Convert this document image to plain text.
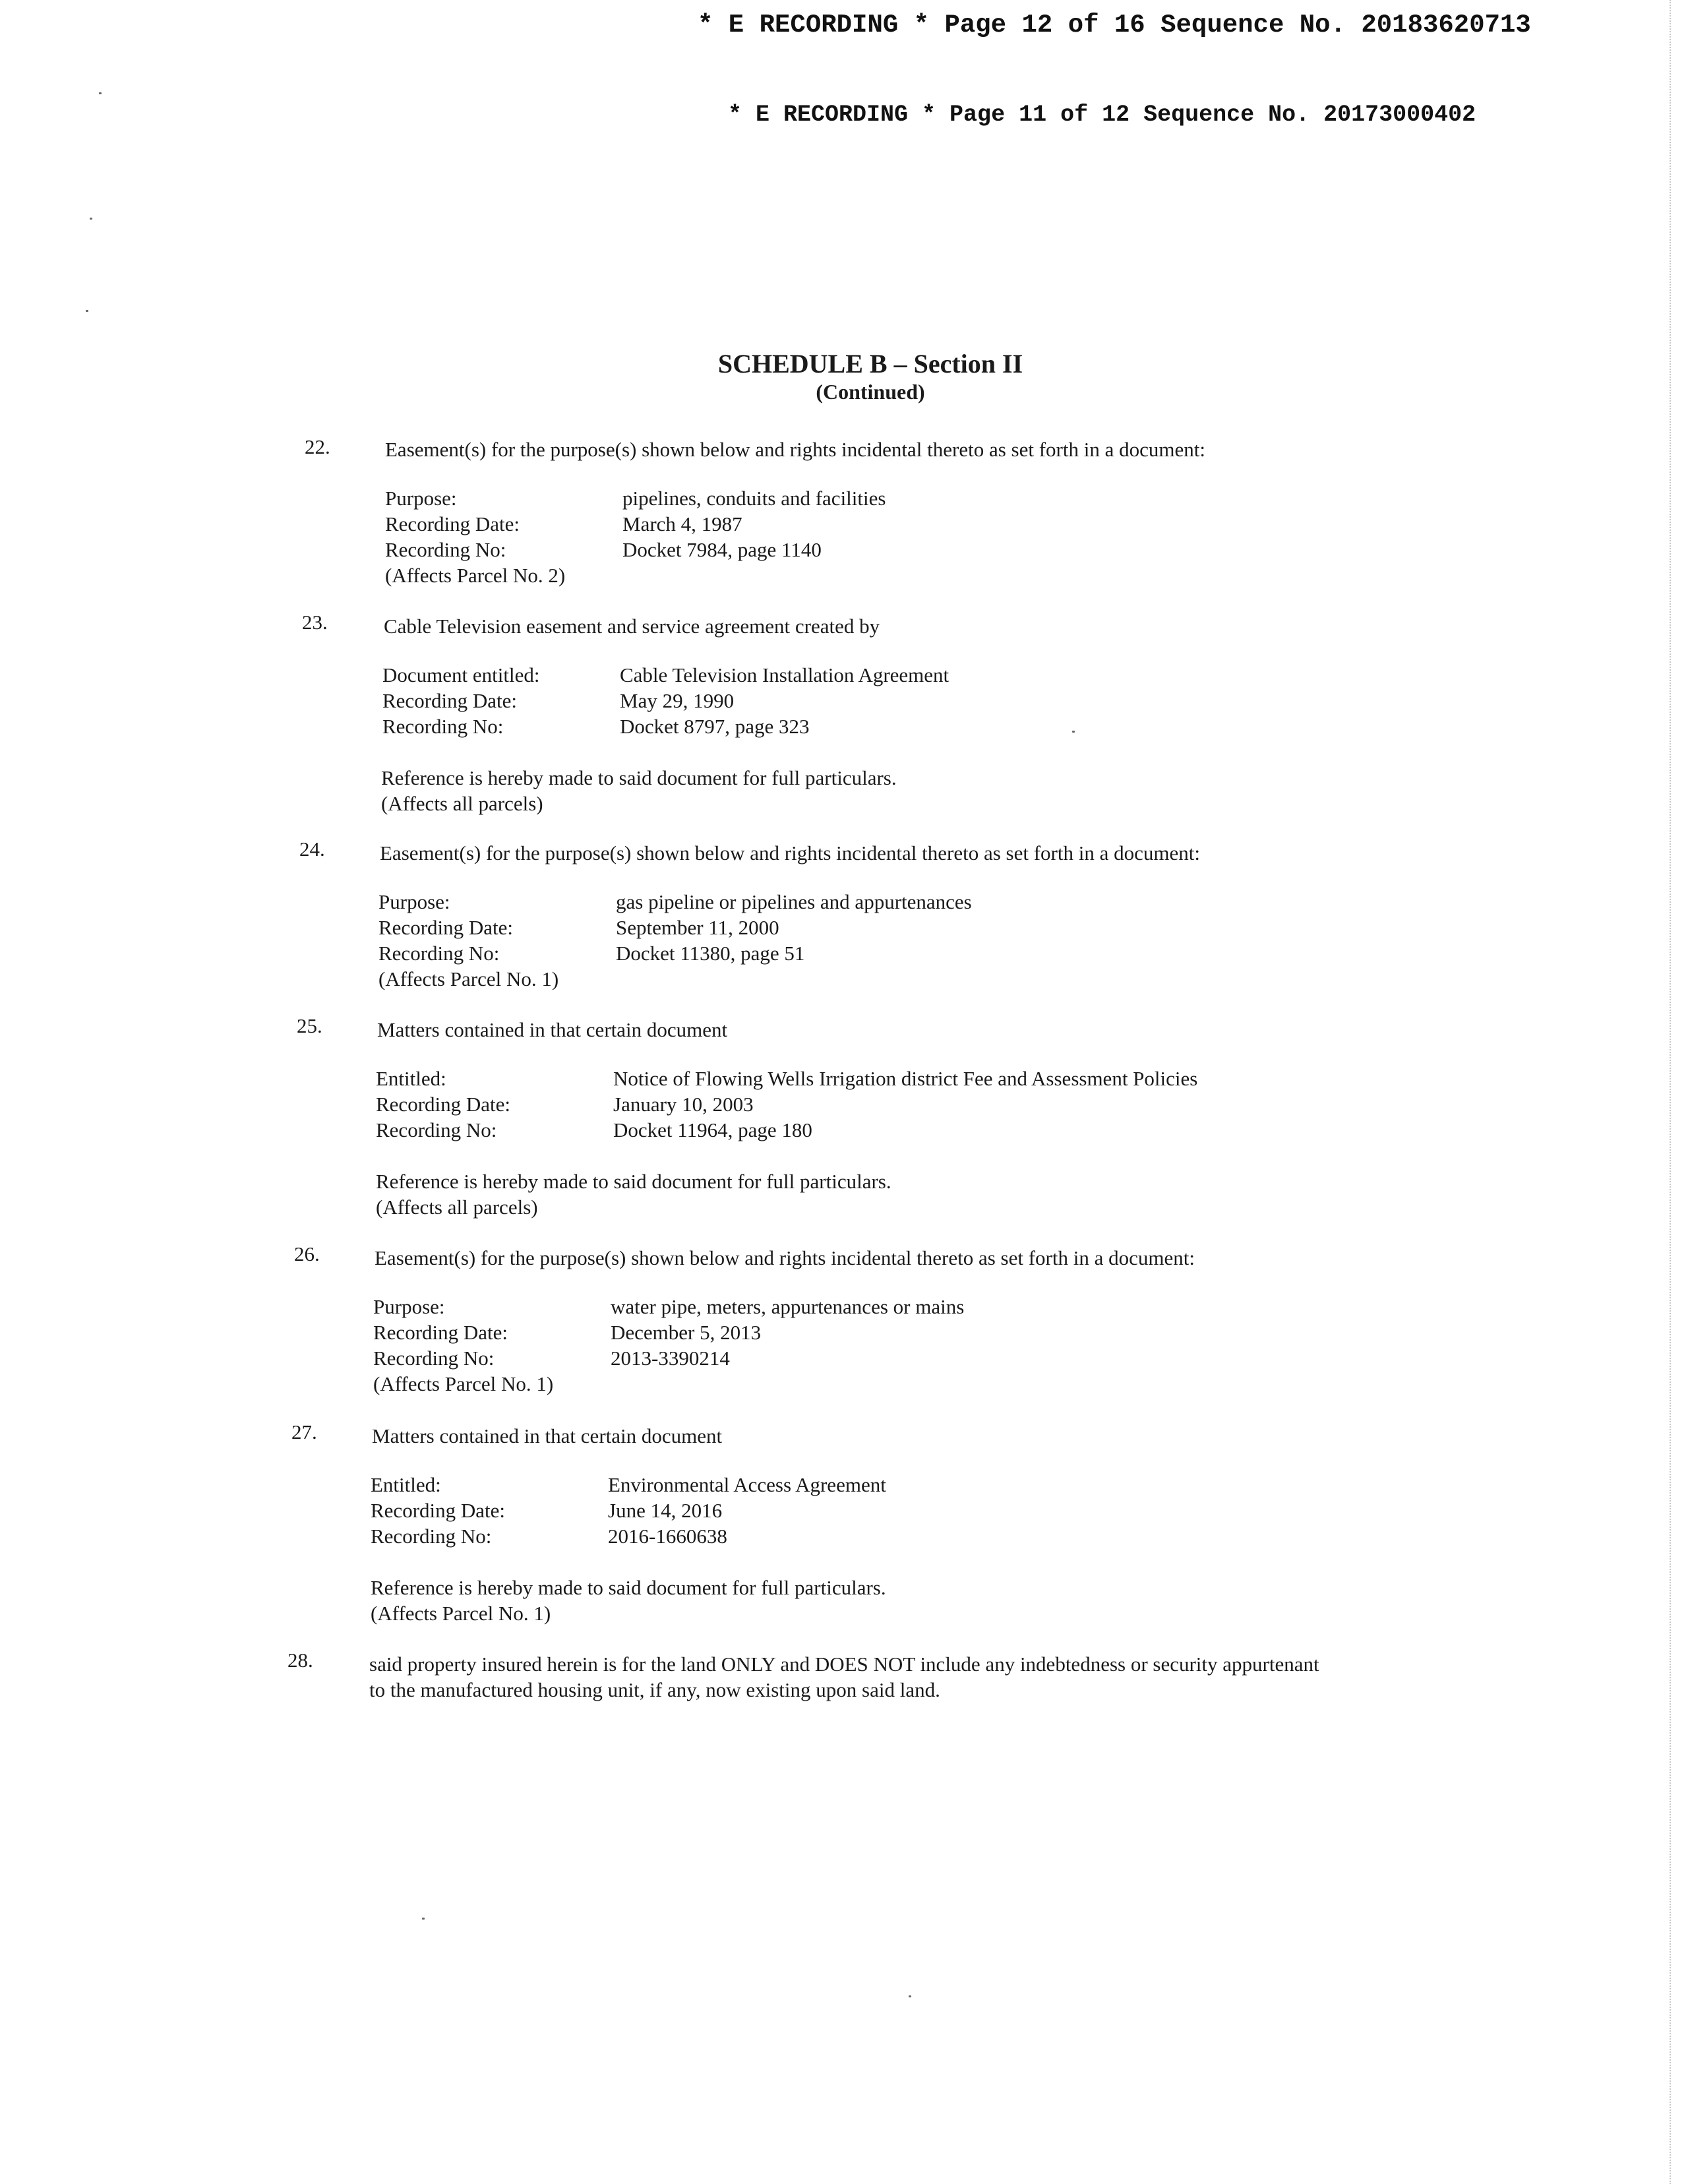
* E RECORDING * Page 12 of 16 Sequence No. 20183620713
* E RECORDING * Page 11 of 12 Sequence No. 20173000402
SCHEDULE B – Section II
(Continued)
22.	Easement(s) for the purpose(s) shown below and rights incidental thereto as set forth in a document:
Purpose:	pipelines, conduits and facilities
Recording Date:	March 4, 1987
Recording No:	Docket 7984, page 1140
(Affects Parcel No. 2)
23.	Cable Television easement and service agreement created by
Document entitled:	Cable Television Installation Agreement
Recording Date:	May 29, 1990
Recording No:	Docket 8797, page 323
Reference is hereby made to said document for full particulars.
(Affects all parcels)
24.	Easement(s) for the purpose(s) shown below and rights incidental thereto as set forth in a document:
Purpose:	gas pipeline or pipelines and appurtenances
Recording Date:	September 11, 2000
Recording No:	Docket 11380, page 51
(Affects Parcel No. 1)
25.	Matters contained in that certain document
Entitled:	Notice of Flowing Wells Irrigation district Fee and Assessment Policies
Recording Date:	January 10, 2003
Recording No:	Docket 11964, page 180
Reference is hereby made to said document for full particulars.
(Affects all parcels)
26.	Easement(s) for the purpose(s) shown below and rights incidental thereto as set forth in a document:
Purpose:	water pipe, meters, appurtenances or mains
Recording Date:	December 5, 2013
Recording No:	2013-3390214
(Affects Parcel No. 1)
27.	Matters contained in that certain document
Entitled:	Environmental Access Agreement
Recording Date:	June 14, 2016
Recording No:	2016-1660638
Reference is hereby made to said document for full particulars.
(Affects Parcel No. 1)
28.	said property insured herein is for the land ONLY and DOES NOT include any indebtedness or security appurtenant
to the manufactured housing unit, if any, now existing upon said land.
